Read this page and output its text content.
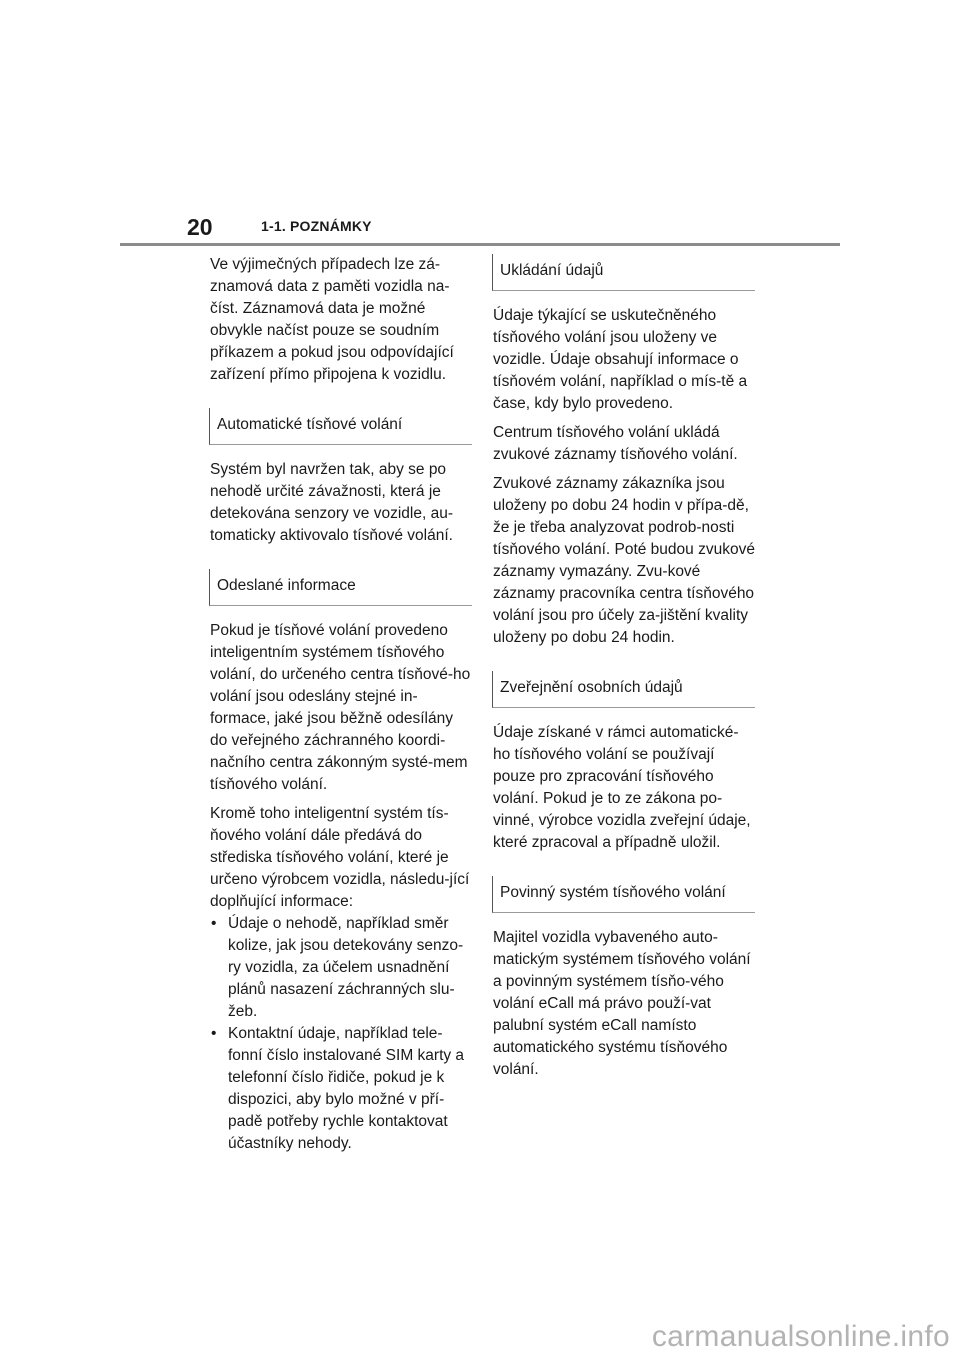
20	1-1. POZNÁMKY

Ve výjimečných případech lze zá-znamová data z paměti vozidla na-číst. Záznamová data je možné obvykle načíst pouze se soudním příkazem a pokud jsou odpovídající zařízení přímo připojena k vozidlu.

Automatické tísňové volání

Systém byl navržen tak, aby se po nehodě určité závažnosti, která je detekována senzory ve vozidle, au-tomaticky aktivovalo tísňové volání.

Odeslané informace

Pokud je tísňové volání provedeno inteligentním systémem tísňového volání, do určeného centra tísňové-ho volání jsou odeslány stejné in-formace, jaké jsou běžně odesílány do veřejného záchranného koordi-načního centra zákonným systé-mem tísňového volání.

Kromě toho inteligentní systém tís-ňového volání dále předává do střediska tísňového volání, které je určeno výrobcem vozidla, následu-jící doplňující informace:

• Údaje o nehodě, například směr kolize, jak jsou detekovány senzo-ry vozidla, za účelem usnadnění plánů nasazení záchranných slu-žeb.
• Kontaktní údaje, například tele-fonní číslo instalované SIM karty a telefonní číslo řidiče, pokud je k dispozici, aby bylo možné v pří-padě potřeby rychle kontaktovat účastníky nehody.
Ukládání údajů

Údaje týkající se uskutečněného tísňového volání jsou uloženy ve vozidle. Údaje obsahují informace o tísňovém volání, například o mís-tě a čase, kdy bylo provedeno.

Centrum tísňového volání ukládá zvukové záznamy tísňového volání.

Zvukové záznamy zákazníka jsou uloženy po dobu 24 hodin v přípa-dě, že je třeba analyzovat podrob-nosti tísňového volání. Poté budou zvukové záznamy vymazány. Zvu-kové záznamy pracovníka centra tísňového volání jsou pro účely za-jištění kvality uloženy po dobu 24 hodin.

Zveřejnění osobních údajů

Údaje získané v rámci automatické-ho tísňového volání se používají pouze pro zpracování tísňového volání. Pokud je to ze zákona po-vinné, výrobce vozidla zveřejní údaje, které zpracoval a případně uložil.

Povinný systém tísňového volání

Majitel vozidla vybaveného auto-matickým systémem tísňového volání a povinným systémem tísňo-vého volání eCall má právo použí-vat palubní systém eCall namísto automatického systému tísňového volání.

carmanualsonline.info
